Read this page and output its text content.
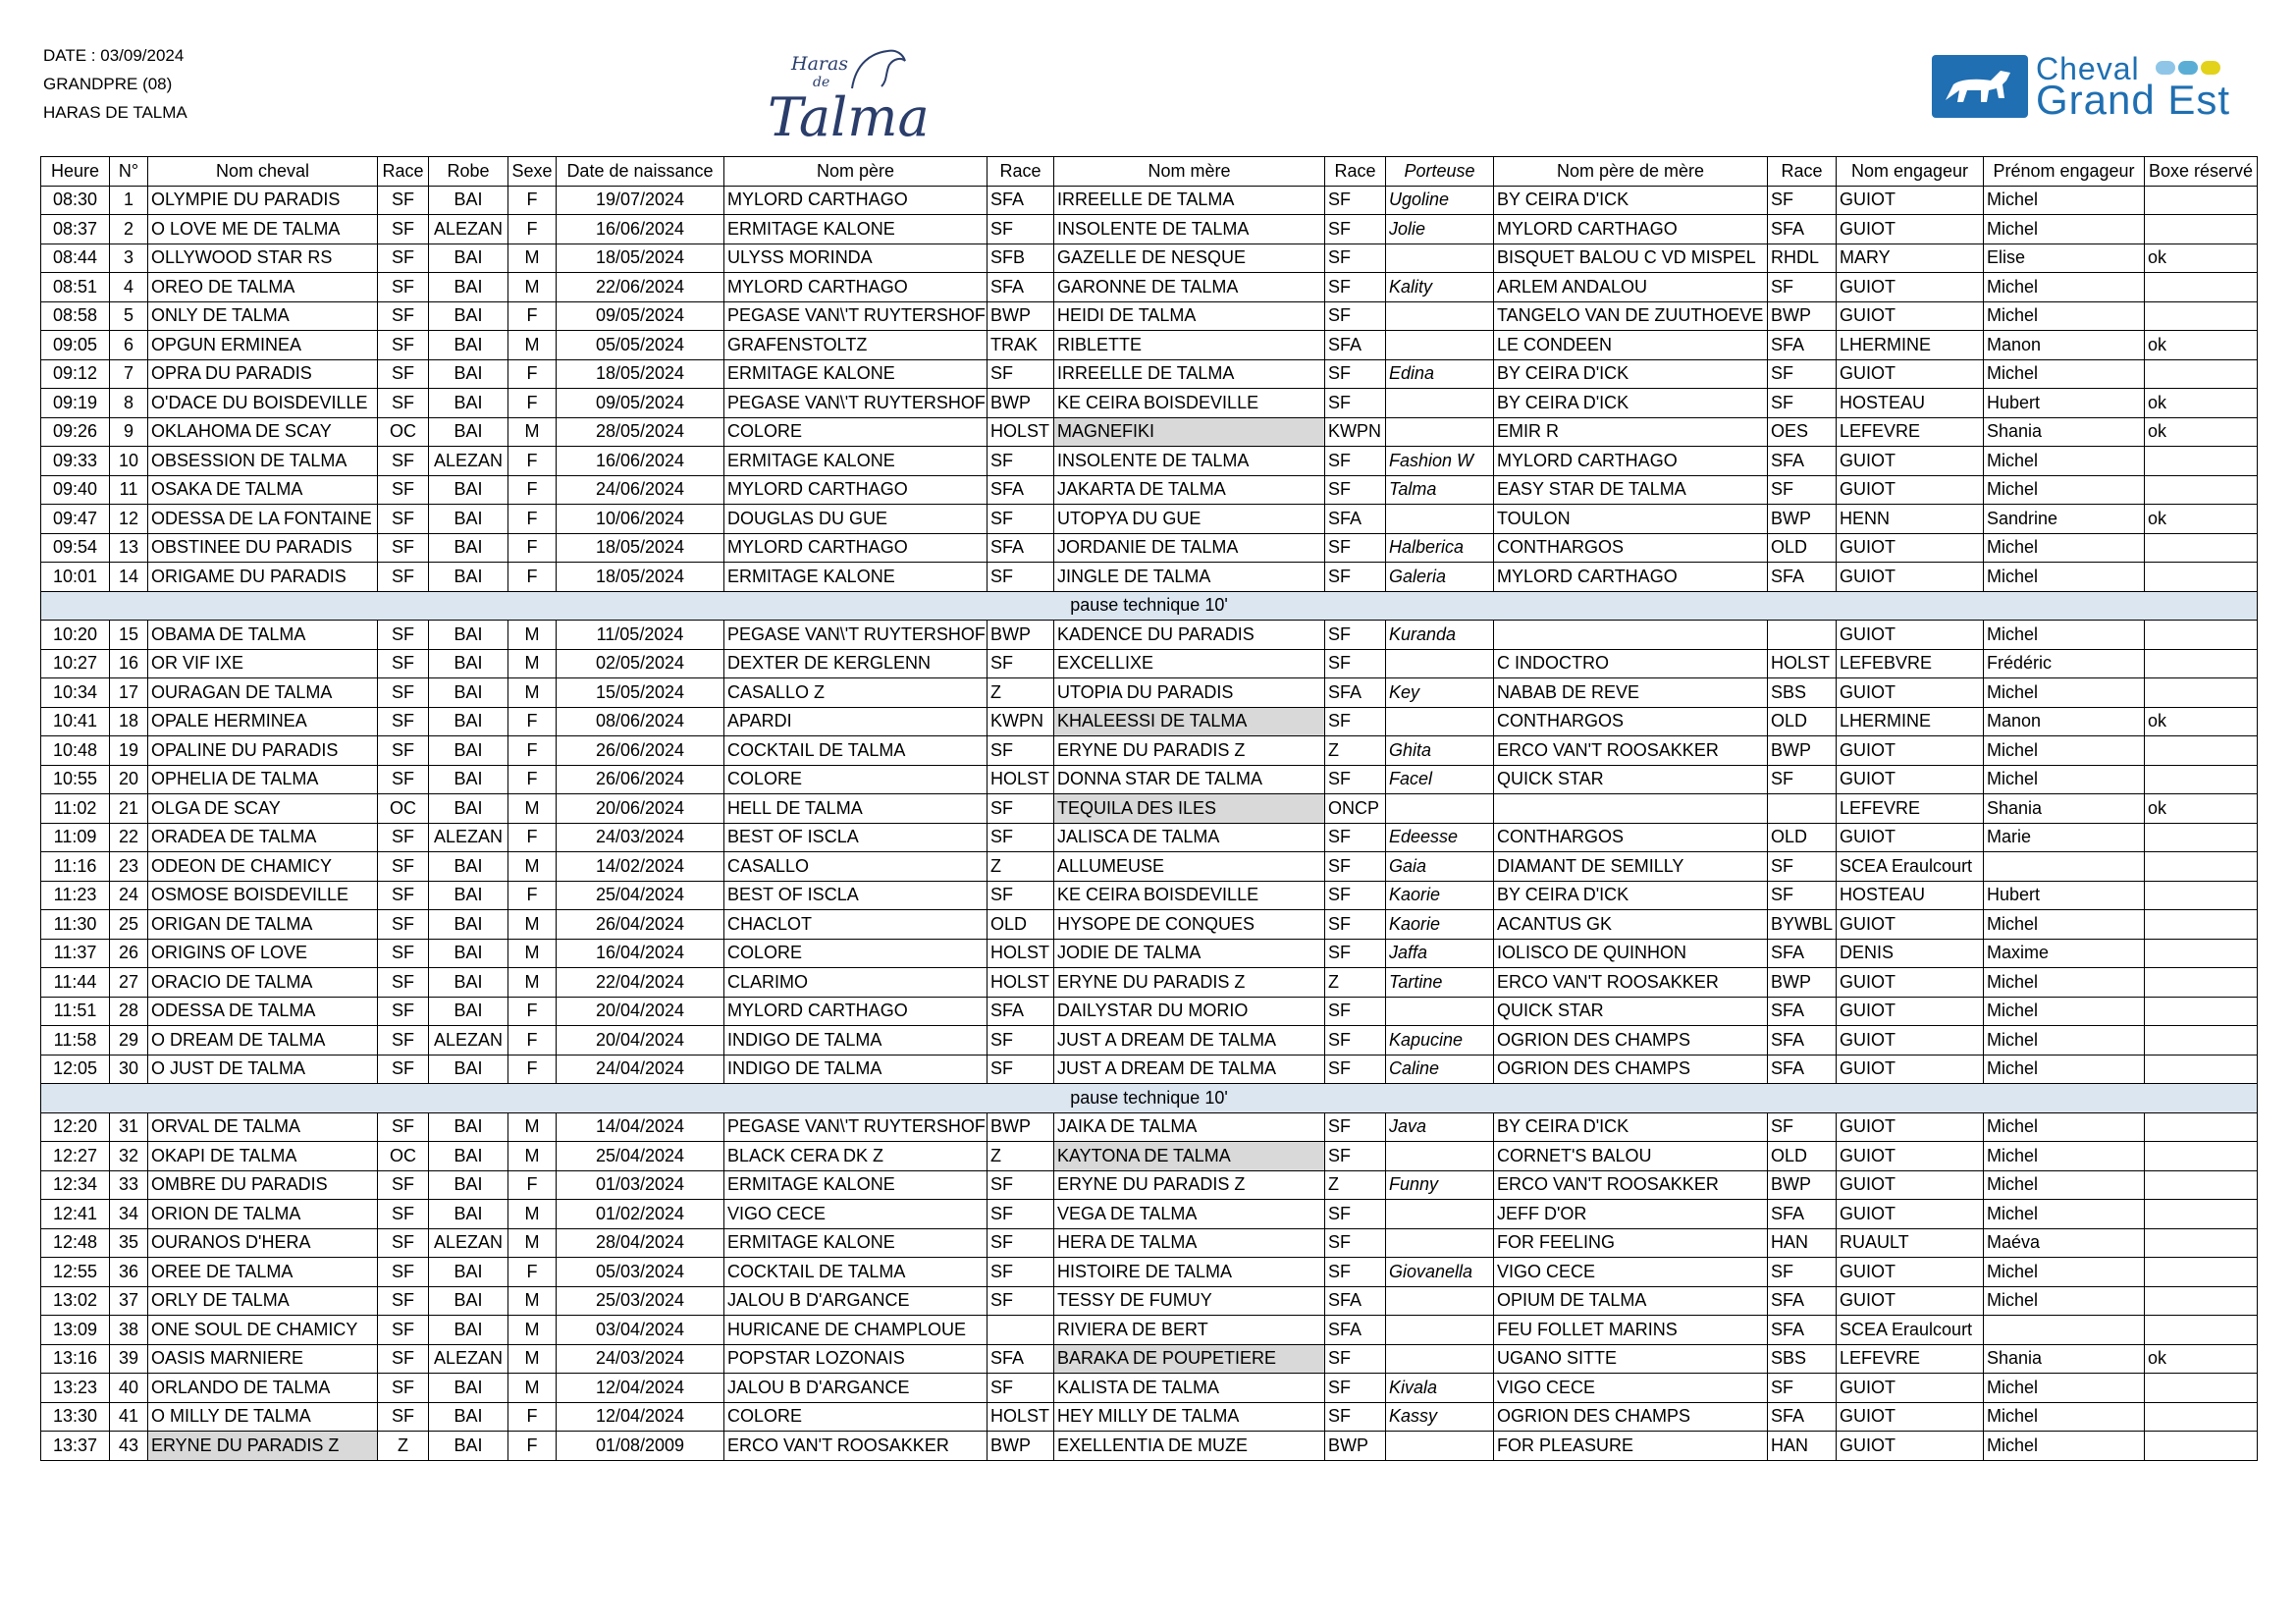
DATE : 03/09/2024
GRANDPRE (08)
HARAS DE TALMA
Haras
de
Talma
Cheval
Grand Est
Heure	N°	Nom cheval	Race	Robe	Sexe	Date de naissance	Nom père	Race	Nom mère	Race	Porteuse	Nom père de mère	Race	Nom engageur	Prénom engageur	Boxe réservé
08:30	1	OLYMPIE DU PARADIS	SF	BAI	F	19/07/2024	MYLORD CARTHAGO	SFA	IRREELLE DE TALMA	SF	Ugoline	BY CEIRA D'ICK	SF	GUIOT	Michel	
08:37	2	O LOVE ME DE TALMA	SF	ALEZAN	F	16/06/2024	ERMITAGE KALONE	SF	INSOLENTE DE TALMA	SF	Jolie	MYLORD CARTHAGO	SFA	GUIOT	Michel	
08:44	3	OLLYWOOD STAR RS	SF	BAI	M	18/05/2024	ULYSS MORINDA	SFB	GAZELLE DE NESQUE	SF		BISQUET BALOU C VD MISPEL	RHDL	MARY	Elise	ok
08:51	4	OREO DE TALMA	SF	BAI	M	22/06/2024	MYLORD CARTHAGO	SFA	GARONNE DE TALMA	SF	Kality	ARLEM ANDALOU	SF	GUIOT	Michel	
08:58	5	ONLY DE TALMA	SF	BAI	F	09/05/2024	PEGASE VAN\'T RUYTERSHOF	BWP	HEIDI DE TALMA	SF		TANGELO VAN DE ZUUTHOEVE	BWP	GUIOT	Michel	
09:05	6	OPGUN ERMINEA	SF	BAI	M	05/05/2024	GRAFENSTOLTZ	TRAK	RIBLETTE	SFA		LE CONDEEN	SFA	LHERMINE	Manon	ok
09:12	7	OPRA DU PARADIS	SF	BAI	F	18/05/2024	ERMITAGE KALONE	SF	IRREELLE DE TALMA	SF	Edina	BY CEIRA D'ICK	SF	GUIOT	Michel	
09:19	8	O'DACE DU BOISDEVILLE	SF	BAI	F	09/05/2024	PEGASE VAN\'T RUYTERSHOF	BWP	KE CEIRA BOISDEVILLE	SF		BY CEIRA D'ICK	SF	HOSTEAU	Hubert	ok
09:26	9	OKLAHOMA DE SCAY	OC	BAI	M	28/05/2024	COLORE	HOLST	MAGNEFIKI	KWPN		EMIR R	OES	LEFEVRE	Shania	ok
09:33	10	OBSESSION DE TALMA	SF	ALEZAN	F	16/06/2024	ERMITAGE KALONE	SF	INSOLENTE DE TALMA	SF	Fashion W	MYLORD CARTHAGO	SFA	GUIOT	Michel	
09:40	11	OSAKA DE TALMA	SF	BAI	F	24/06/2024	MYLORD CARTHAGO	SFA	JAKARTA DE TALMA	SF	Talma	EASY STAR DE TALMA	SF	GUIOT	Michel	
09:47	12	ODESSA DE LA FONTAINE	SF	BAI	F	10/06/2024	DOUGLAS DU GUE	SF	UTOPYA DU GUE	SFA		TOULON	BWP	HENN	Sandrine	ok
09:54	13	OBSTINEE DU PARADIS	SF	BAI	F	18/05/2024	MYLORD CARTHAGO	SFA	JORDANIE DE TALMA	SF	Halberica	CONTHARGOS	OLD	GUIOT	Michel	
10:01	14	ORIGAME DU PARADIS	SF	BAI	F	18/05/2024	ERMITAGE KALONE	SF	JINGLE DE TALMA	SF	Galeria	MYLORD CARTHAGO	SFA	GUIOT	Michel	
pause technique 10'																
10:20	15	OBAMA DE TALMA	SF	BAI	M	11/05/2024	PEGASE VAN\'T RUYTERSHOF	BWP	KADENCE DU PARADIS	SF	Kuranda			GUIOT	Michel	
10:27	16	OR VIF IXE	SF	BAI	M	02/05/2024	DEXTER DE KERGLENN	SF	EXCELLIXE	SF		C INDOCTRO	HOLST	LEFEBVRE	Frédéric	
10:34	17	OURAGAN DE TALMA	SF	BAI	M	15/05/2024	CASALLO Z	Z	UTOPIA DU PARADIS	SFA	Key	NABAB DE REVE	SBS	GUIOT	Michel	
10:41	18	OPALE HERMINEA	SF	BAI	F	08/06/2024	APARDI	KWPN	KHALEESSI DE TALMA	SF		CONTHARGOS	OLD	LHERMINE	Manon	ok
10:48	19	OPALINE DU PARADIS	SF	BAI	F	26/06/2024	COCKTAIL DE TALMA	SF	ERYNE DU PARADIS Z	Z	Ghita	ERCO VAN'T ROOSAKKER	BWP	GUIOT	Michel	
10:55	20	OPHELIA DE TALMA	SF	BAI	F	26/06/2024	COLORE	HOLST	DONNA STAR DE TALMA	SF	Facel	QUICK STAR	SF	GUIOT	Michel	
11:02	21	OLGA DE SCAY	OC	BAI	M	20/06/2024	HELL DE TALMA	SF	TEQUILA DES ILES	ONCP				LEFEVRE	Shania	ok
11:09	22	ORADEA DE TALMA	SF	ALEZAN	F	24/03/2024	BEST OF ISCLA	SF	JALISCA DE TALMA	SF	Edeesse	CONTHARGOS	OLD	GUIOT	Marie	
11:16	23	ODEON DE CHAMICY	SF	BAI	M	14/02/2024	CASALLO	Z	ALLUMEUSE	SF	Gaia	DIAMANT DE SEMILLY	SF	SCEA Eraulcourt		
11:23	24	OSMOSE BOISDEVILLE	SF	BAI	F	25/04/2024	BEST OF ISCLA	SF	KE CEIRA BOISDEVILLE	SF	Kaorie	BY CEIRA D'ICK	SF	HOSTEAU	Hubert	
11:30	25	ORIGAN DE TALMA	SF	BAI	M	26/04/2024	CHACLOT	OLD	HYSOPE DE CONQUES	SF	Kaorie	ACANTUS GK	BYWBL	GUIOT	Michel	
11:37	26	ORIGINS OF LOVE	SF	BAI	M	16/04/2024	COLORE	HOLST	JODIE DE TALMA	SF	Jaffa	IOLISCO DE QUINHON	SFA	DENIS	Maxime	
11:44	27	ORACIO DE TALMA	SF	BAI	M	22/04/2024	CLARIMO	HOLST	ERYNE DU PARADIS Z	Z	Tartine	ERCO VAN'T ROOSAKKER	BWP	GUIOT	Michel	
11:51	28	ODESSA DE TALMA	SF	BAI	F	20/04/2024	MYLORD CARTHAGO	SFA	DAILYSTAR DU MORIO	SF		QUICK STAR	SFA	GUIOT	Michel	
11:58	29	O DREAM DE TALMA	SF	ALEZAN	F	20/04/2024	INDIGO DE TALMA	SF	JUST A DREAM DE TALMA	SF	Kapucine	OGRION DES CHAMPS	SFA	GUIOT	Michel	
12:05	30	O JUST DE TALMA	SF	BAI	F	24/04/2024	INDIGO DE TALMA	SF	JUST A DREAM DE TALMA	SF	Caline	OGRION DES CHAMPS	SFA	GUIOT	Michel	
pause technique 10'																
12:20	31	ORVAL DE TALMA	SF	BAI	M	14/04/2024	PEGASE VAN\'T RUYTERSHOF	BWP	JAIKA DE TALMA	SF	Java	BY CEIRA D'ICK	SF	GUIOT	Michel	
12:27	32	OKAPI DE TALMA	OC	BAI	M	25/04/2024	BLACK CERA DK Z	Z	KAYTONA DE TALMA	SF		CORNET'S BALOU	OLD	GUIOT	Michel	
12:34	33	OMBRE DU PARADIS	SF	BAI	F	01/03/2024	ERMITAGE KALONE	SF	ERYNE DU PARADIS Z	Z	Funny	ERCO VAN'T ROOSAKKER	BWP	GUIOT	Michel	
12:41	34	ORION DE TALMA	SF	BAI	M	01/02/2024	VIGO CECE	SF	VEGA DE TALMA	SF		JEFF D'OR	SFA	GUIOT	Michel	
12:48	35	OURANOS D'HERA	SF	ALEZAN	M	28/04/2024	ERMITAGE KALONE	SF	HERA DE TALMA	SF		FOR FEELING	HAN	RUAULT	Maéva	
12:55	36	OREE DE TALMA	SF	BAI	F	05/03/2024	COCKTAIL DE TALMA	SF	HISTOIRE DE TALMA	SF	Giovanella	VIGO CECE	SF	GUIOT	Michel	
13:02	37	ORLY DE TALMA	SF	BAI	M	25/03/2024	JALOU B D'ARGANCE	SF	TESSY DE FUMUY	SFA		OPIUM DE TALMA	SFA	GUIOT	Michel	
13:09	38	ONE SOUL DE CHAMICY	SF	BAI	M	03/04/2024	HURICANE DE CHAMPLOUE		RIVIERA DE BERT	SFA		FEU FOLLET MARINS	SFA	SCEA Eraulcourt		
13:16	39	OASIS MARNIERE	SF	ALEZAN	M	24/03/2024	POPSTAR LOZONAIS	SFA	BARAKA DE POUPETIERE	SF		UGANO SITTE	SBS	LEFEVRE	Shania	ok
13:23	40	ORLANDO DE TALMA	SF	BAI	M	12/04/2024	JALOU B D'ARGANCE	SF	KALISTA DE TALMA	SF	Kivala	VIGO CECE	SF	GUIOT	Michel	
13:30	41	O MILLY DE TALMA	SF	BAI	F	12/04/2024	COLORE	HOLST	HEY MILLY DE TALMA	SF	Kassy	OGRION DES CHAMPS	SFA	GUIOT	Michel	
13:37	43	ERYNE DU PARADIS Z	Z	BAI	F	01/08/2009	ERCO VAN'T ROOSAKKER	BWP	EXELLENTIA DE MUZE	BWP		FOR PLEASURE	HAN	GUIOT	Michel	
